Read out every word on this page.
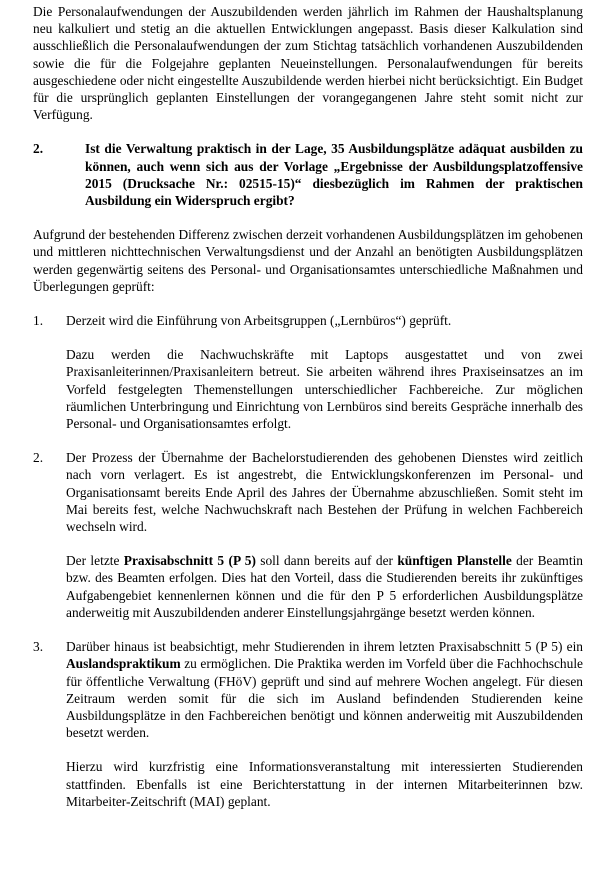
Die Personalaufwendungen der Auszubildenden werden jährlich im Rahmen der Haushaltsplanung neu kalkuliert und stetig an die aktuellen Entwicklungen angepasst. Basis dieser Kalkulation sind ausschließlich die Personalaufwendungen der zum Stichtag tatsächlich vorhandenen Auszubildenden sowie die für die Folgejahre geplanten Neueinstellungen. Personalaufwendungen für bereits ausgeschiedene oder nicht eingestellte Auszubildende werden hierbei nicht berücksichtigt. Ein Budget für die ursprünglich geplanten Einstellungen der vorangegangenen Jahre steht somit nicht zur Verfügung.

2.	Ist die Verwaltung praktisch in der Lage, 35 Ausbildungsplätze adäquat ausbilden zu können, auch wenn sich aus der Vorlage „Ergebnisse der Ausbildungsplatzoffensive 2015 (Drucksache Nr.: 02515-15)“ diesbezüglich im Rahmen der praktischen Ausbildung ein Widerspruch ergibt?

Aufgrund der bestehenden Differenz zwischen derzeit vorhandenen Ausbildungsplätzen im gehobenen und mittleren nichttechnischen Verwaltungsdienst und der Anzahl an benötigten Ausbildungsplätzen werden gegenwärtig seitens des Personal- und Organisationsamtes unterschiedliche Maßnahmen und Überlegungen geprüft:

1.	Derzeit wird die Einführung von Arbeitsgruppen („Lernbüros“) geprüft.

Dazu werden die Nachwuchskräfte mit Laptops ausgestattet und von zwei Praxisanleiterinnen/Praxisanleitern betreut. Sie arbeiten während ihres Praxiseinsatzes an im Vorfeld festgelegten Themenstellungen unterschiedlicher Fachbereiche. Zur möglichen räumlichen Unterbringung und Einrichtung von Lernbüros sind bereits Gespräche innerhalb des Personal- und Organisationsamtes erfolgt.

2.	Der Prozess der Übernahme der Bachelorstudierenden des gehobenen Dienstes wird zeitlich nach vorn verlagert. Es ist angestrebt, die Entwicklungskonferenzen im Personal- und Organisationsamt bereits Ende April des Jahres der Übernahme abzuschließen. Somit steht im Mai bereits fest, welche Nachwuchskraft nach Bestehen der Prüfung in welchen Fachbereich wechseln wird.

Der letzte Praxisabschnitt 5 (P 5) soll dann bereits auf der künftigen Planstelle der Beamtin bzw. des Beamten erfolgen. Dies hat den Vorteil, dass die Studierenden bereits ihr zukünftiges Aufgabengebiet kennenlernen können und die für den P 5 erforderlichen Ausbildungsplätze anderweitig mit Auszubildenden anderer Einstellungsjahrgänge besetzt werden können.

3.	Darüber hinaus ist beabsichtigt, mehr Studierenden in ihrem letzten Praxisabschnitt 5 (P 5) ein Auslandspraktikum zu ermöglichen. Die Praktika werden im Vorfeld über die Fachhochschule für öffentliche Verwaltung (FHöV) geprüft und sind auf mehrere Wochen angelegt. Für diesen Zeitraum werden somit für die sich im Ausland befindenden Studierenden keine Ausbildungsplätze in den Fachbereichen benötigt und können anderweitig mit Auszubildenden besetzt werden.

Hierzu wird kurzfristig eine Informationsveranstaltung mit interessierten Studierenden stattfinden. Ebenfalls ist eine Berichterstattung in der internen Mitarbeiterinnen bzw. Mitarbeiter-Zeitschrift (MAI) geplant.
